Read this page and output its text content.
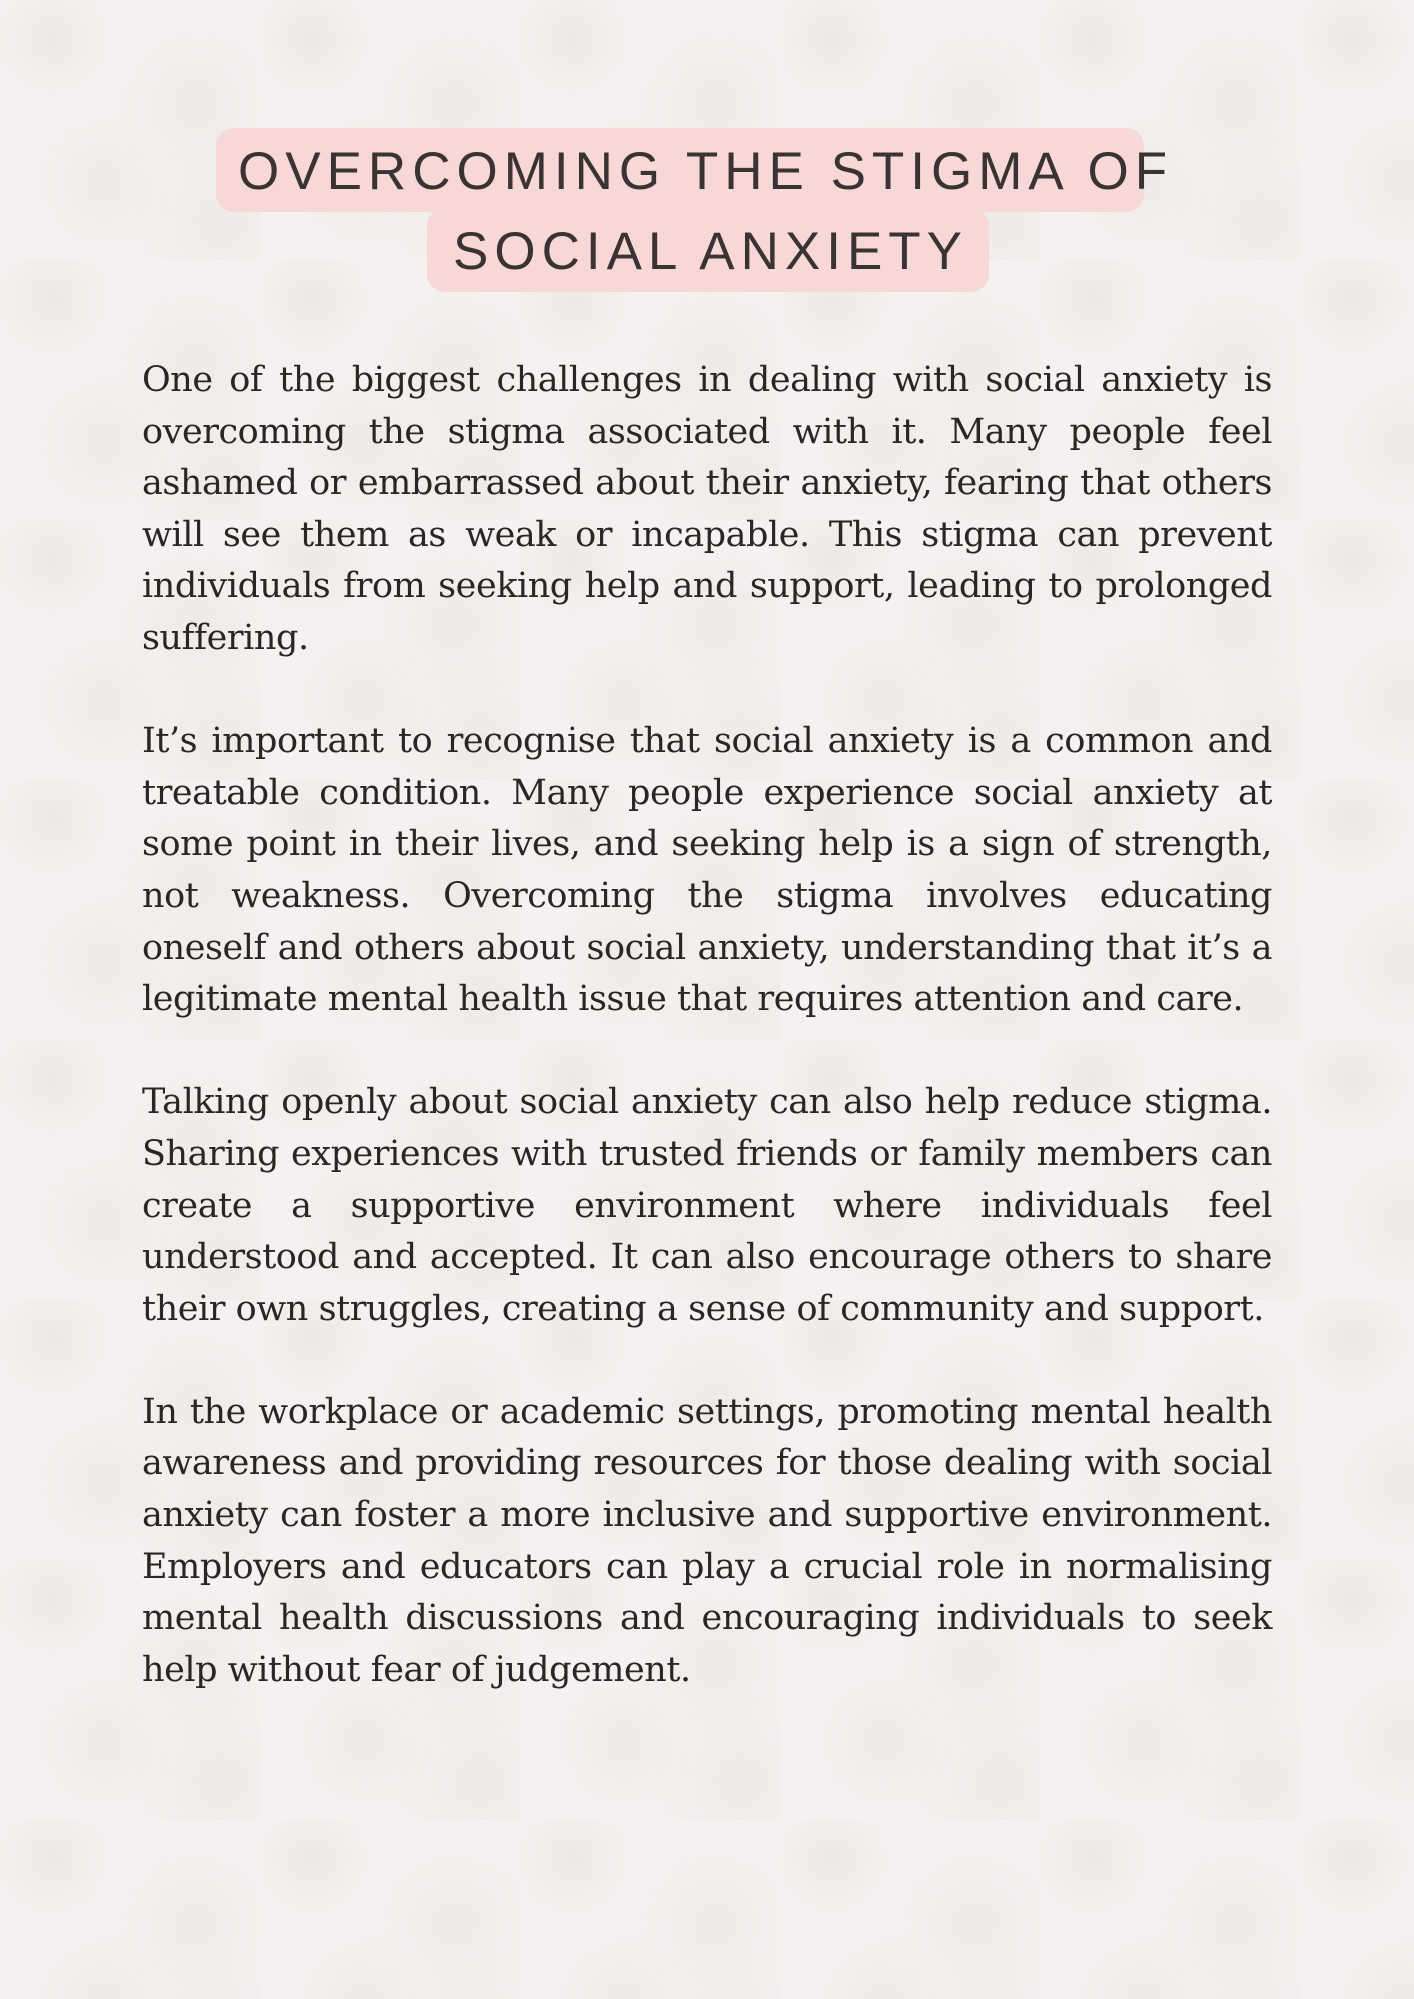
OVERCOMING THE STIGMA OF
SOCIAL ANXIETY

One of the biggest challenges in dealing with social anxiety is overcoming the stigma associated with it. Many people feel ashamed or embarrassed about their anxiety, fearing that others will see them as weak or incapable. This stigma can prevent individuals from seeking help and support, leading to prolonged suffering.

It’s important to recognise that social anxiety is a common and treatable condition. Many people experience social anxiety at some point in their lives, and seeking help is a sign of strength, not weakness. Overcoming the stigma involves educating oneself and others about social anxiety, understanding that it’s a legitimate mental health issue that requires attention and care.

Talking openly about social anxiety can also help reduce stigma. Sharing experiences with trusted friends or family members can create a supportive environment where individuals feel understood and accepted. It can also encourage others to share their own struggles, creating a sense of community and support.

In the workplace or academic settings, promoting mental health awareness and providing resources for those dealing with social anxiety can foster a more inclusive and supportive environment. Employers and educators can play a crucial role in normalising mental health discussions and encouraging individuals to seek help without fear of judgement.
